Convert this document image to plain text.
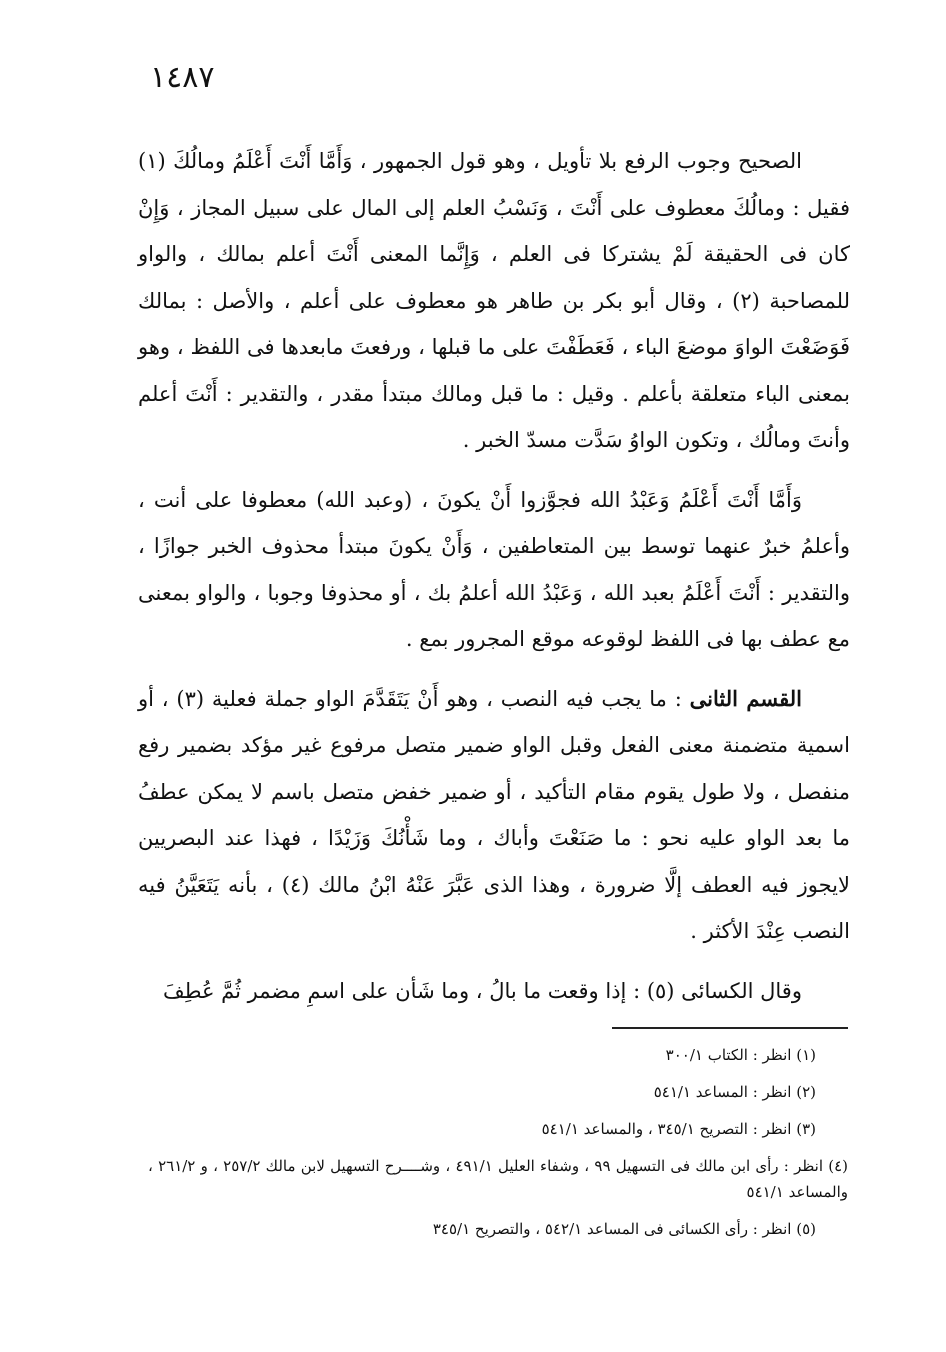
١٤٨٧

الصحيح وجوب الرفع بلا تأويل ، وهو قول الجمهور ، وَأَمَّا أَنْتَ أَعْلَمُ ومالُكَ (١) فقيل : ومالُكَ معطوف على أَنْتَ ، وَنَسْبُ العلم إلى المال على سبيل المجاز ، وَإِنْ كان فى الحقيقة لَمْ يشتركا فى العلم ، وَإِنَّما المعنى أَنْتَ أعلم بمالك ، والواو للمصاحبة (٢) ، وقال أبو بكر بن طاهر هو معطوف على أعلم ، والأصل : بمالك فَوَضَعْتَ الواوَ موضعَ الباء ، فَعَطَفْتَ على ما قبلها ، ورفعتَ مابعدها فى اللفظ ، وهو بمعنى الباء متعلقة بأعلم . وقيل : ما قبل ومالك مبتدأ مقدر ، والتقدير : أَنْتَ أعلم وأنتَ ومالُك ، وتكون الواوُ سَدَّت مسدّ الخبر .

وَأَمَّا أَنْتَ أَعْلَمُ وَعَبْدُ الله فجوَّزوا أَنْ يكونَ ، (وعبد الله) معطوفا على أنت ، وأعلمُ خبرٌ عنهما توسط بين المتعاطفين ، وَأَنْ يكونَ مبتدأ محذوف الخبر جوازًا ، والتقدير : أَنْتَ أَعْلَمُ بعبد الله ، وَعَبْدُ الله أعلمُ بك ، أو محذوفا وجوبا ، والواو بمعنى مع عطف بها فى اللفظ لوقوعه موقع المجرور بمع .

القسم الثانى : ما يجب فيه النصب ، وهو أَنْ يَتَقَدَّمَ الواو جملة فعلية (٣) ، أو اسمية متضمنة معنى الفعل وقبل الواو ضمير متصل مرفوع غير مؤكد بضمير رفع منفصل ، ولا طول يقوم مقام التأكيد ، أو ضمير خفض متصل باسم لا يمكن عطفُ ما بعد الواو عليه نحو : ما صَنَعْتَ وأباك ، وما شَأْنُكَ وَزَيْدًا ، فهذا عند البصريين لايجوز فيه العطف إلَّا ضرورة ، وهذا الذى عَبَّرَ عَنْهُ ابْنُ مالك (٤) ، بأنه يَتَعَيَّنُ فيه النصب عِنْدَ الأكثر .

وقال الكسائى (٥) : إذا وقعت ما بالُ ، وما شَأن على اسمِ مضمر ثُمَّ عُطِفَ

(١) انظر : الكتاب ٣٠٠/١

(٢) انظر : المساعد ٥٤١/١

(٣) انظر : التصريح ٣٤٥/١ ، والمساعد ٥٤١/١

(٤) انظر : رأى ابن مالك فى التسهيل ٩٩ ، وشفاء العليل ٤٩١/١ ، وشــــرح التسهيل لابن مالك ٢٥٧/٢ ، و ٢٦١/٢ ، والمساعد ٥٤١/١

(٥) انظر : رأى الكسائى فى المساعد ٥٤٢/١ ، والتصريح ٣٤٥/١
